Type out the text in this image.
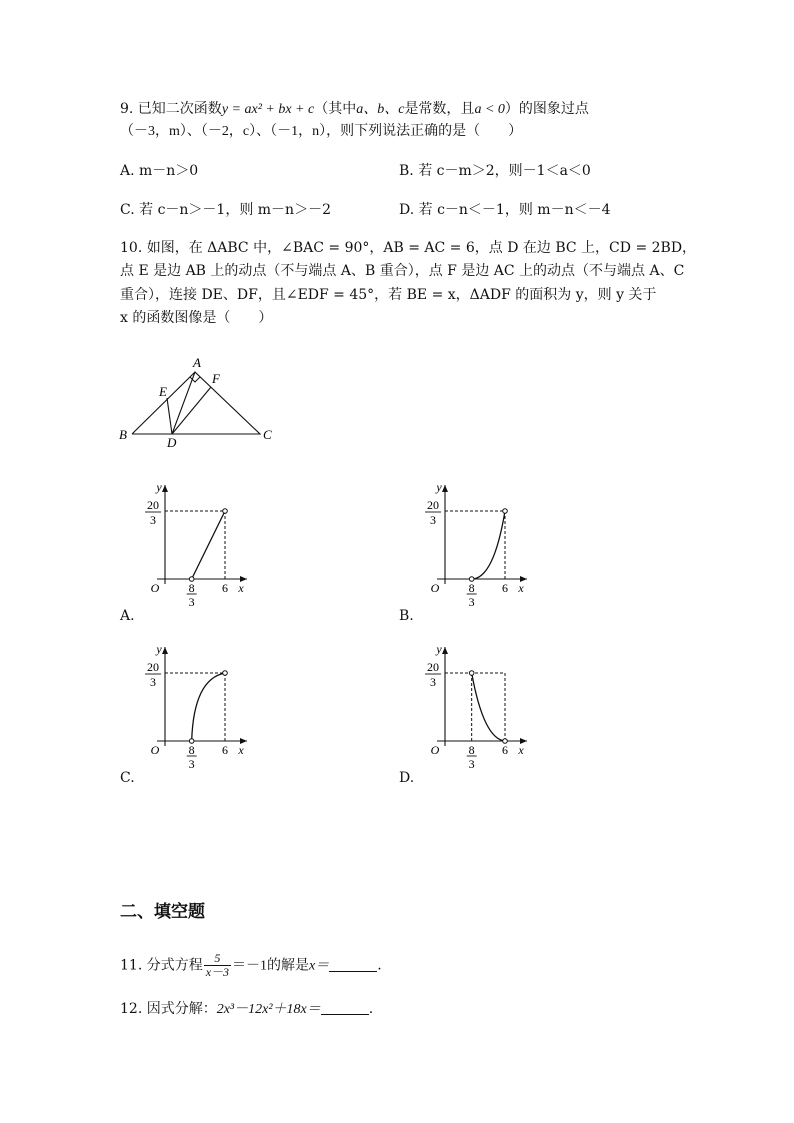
9. 已知二次函数y = ax² + bx + c（其中a、b、c是常数，且a < 0）的图象过点
（－3，m）、（－2，c）、（－1，n），则下列说法正确的是（　　）
A. m－n＞0	B. 若 c－m＞2，则－1＜a＜0
C. 若 c－n＞－1，则 m－n＞－2	D. 若 c－n＜－1，则 m－n＜－4
10. 如图，在 ΔABC 中，∠BAC = 90°，AB = AC = 6，点 D 在边 BC 上，CD = 2BD，
点 E 是边 AB 上的动点（不与端点 A、B 重合），点 F 是边 AC 上的动点（不与端点 A、C
重合），连接 DE、DF，且∠EDF = 45°，若 BE = x，ΔADF 的面积为 y，则 y 关于
x 的函数图像是（　　）
A
B	C
D
E
F
y
x
O
20
3
8
3
6
A.
y
x
O
20
3
8
3
6
B.
y
x
O
20
3
8
3
6
C.
y
x
O
20
3
8
3
6
D.
二、填空题
11. 分式方程 $\frac{5}{x-3} =-1$的解是x＝	.
12. 因式分解：2x³－12x²＋18x＝	.
